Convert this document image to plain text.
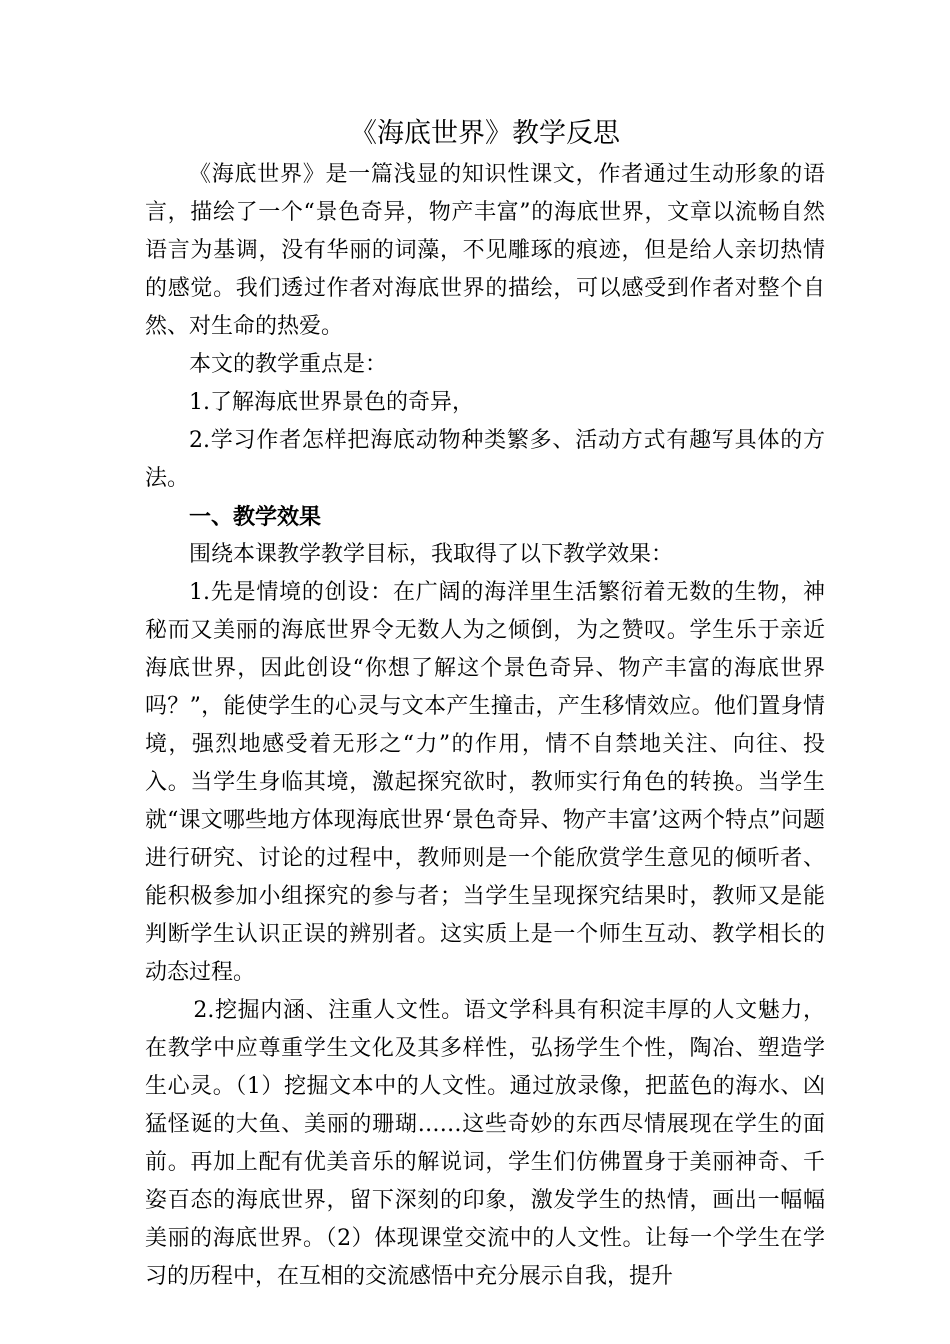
《海底世界》教学反思

《海底世界》是一篇浅显的知识性课文，作者通过生动形象的语言，描绘了一个“景色奇异，物产丰富”的海底世界，文章以流畅自然语言为基调，没有华丽的词藻，不见雕琢的痕迹，但是给人亲切热情的感觉。我们透过作者对海底世界的描绘，可以感受到作者对整个自然、对生命的热爱。

本文的教学重点是：

1.了解海底世界景色的奇异，

2.学习作者怎样把海底动物种类繁多、活动方式有趣写具体的方法。

一、教学效果

围绕本课教学教学目标，我取得了以下教学效果：

1.先是情境的创设：在广阔的海洋里生活繁衍着无数的生物，神秘而又美丽的海底世界令无数人为之倾倒，为之赞叹。学生乐于亲近海底世界，因此创设“你想了解这个景色奇异、物产丰富的海底世界吗？”，能使学生的心灵与文本产生撞击，产生移情效应。他们置身情境，强烈地感受着无形之“力”的作用，情不自禁地关注、向往、投入。当学生身临其境，激起探究欲时，教师实行角色的转换。当学生就“课文哪些地方体现海底世界‘景色奇异、物产丰富’这两个特点”问题进行研究、讨论的过程中，教师则是一个能欣赏学生意见的倾听者、能积极参加小组探究的参与者；当学生呈现探究结果时，教师又是能判断学生认识正误的辨别者。这实质上是一个师生互动、教学相长的动态过程。

2.挖掘内涵、注重人文性。语文学科具有积淀丰厚的人文魅力，在教学中应尊重学生文化及其多样性，弘扬学生个性，陶冶、塑造学生心灵。（1）挖掘文本中的人文性。通过放录像，把蓝色的海水、凶猛怪诞的大鱼、美丽的珊瑚……这些奇妙的东西尽情展现在学生的面前。再加上配有优美音乐的解说词，学生们仿佛置身于美丽神奇、千姿百态的海底世界，留下深刻的印象，激发学生的热情，画出一幅幅美丽的海底世界。（2）体现课堂交流中的人文性。让每一个学生在学习的历程中，在互相的交流感悟中充分展示自我，提升
